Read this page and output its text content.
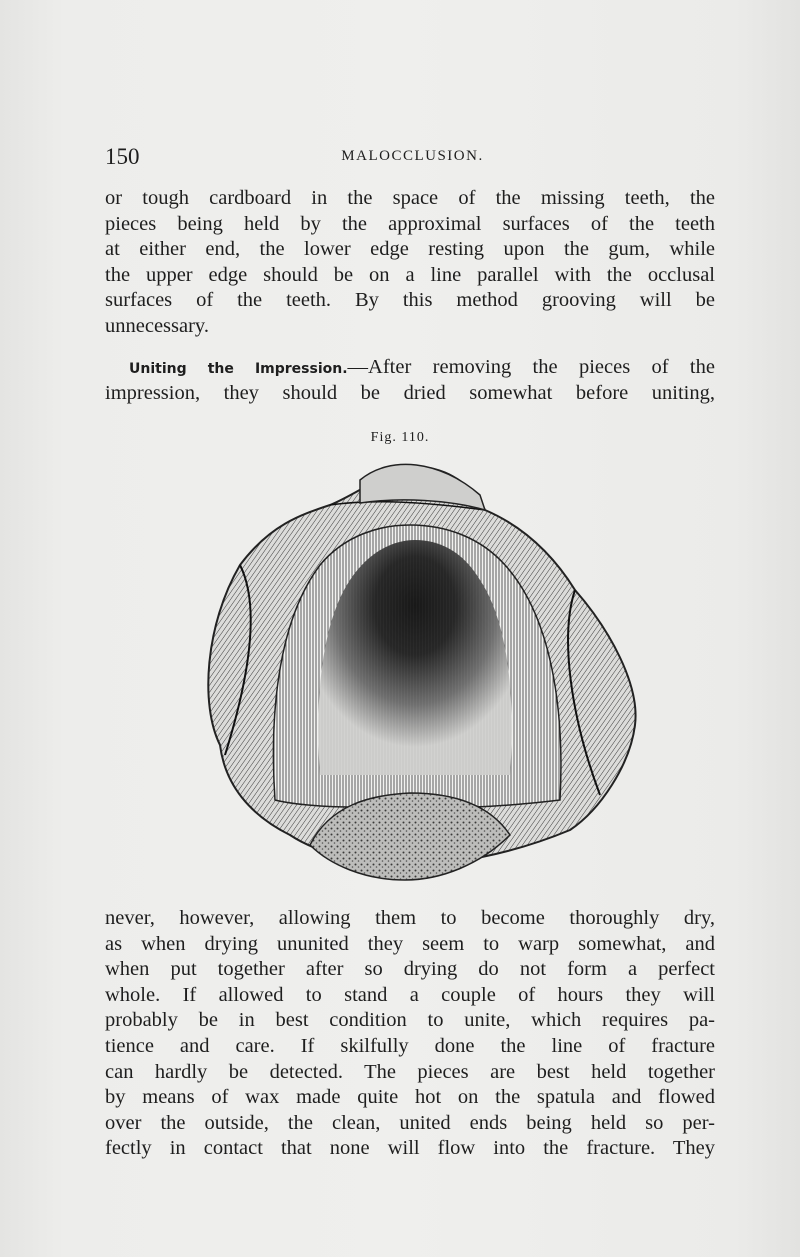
150	MALOCCLUSION.
or tough cardboard in the space of the missing teeth, the
pieces being held by the approximal surfaces of the teeth
at either end, the lower edge resting upon the gum, while
the upper edge should be on a line parallel with the occlusal
surfaces of the teeth. By this method grooving will be
unnecessary.
Uniting the Impression.—After removing the pieces of the
impression, they should be dried somewhat before uniting,
Fig. 110.
never, however, allowing them to become thoroughly dry,
as when drying ununited they seem to warp somewhat, and
when put together after so drying do not form a perfect
whole. If allowed to stand a couple of hours they will
probably be in best condition to unite, which requires pa-
tience and care. If skilfully done the line of fracture
can hardly be detected. The pieces are best held together
by means of wax made quite hot on the spatula and flowed
over the outside, the clean, united ends being held so per-
fectly in contact that none will flow into the fracture. They
